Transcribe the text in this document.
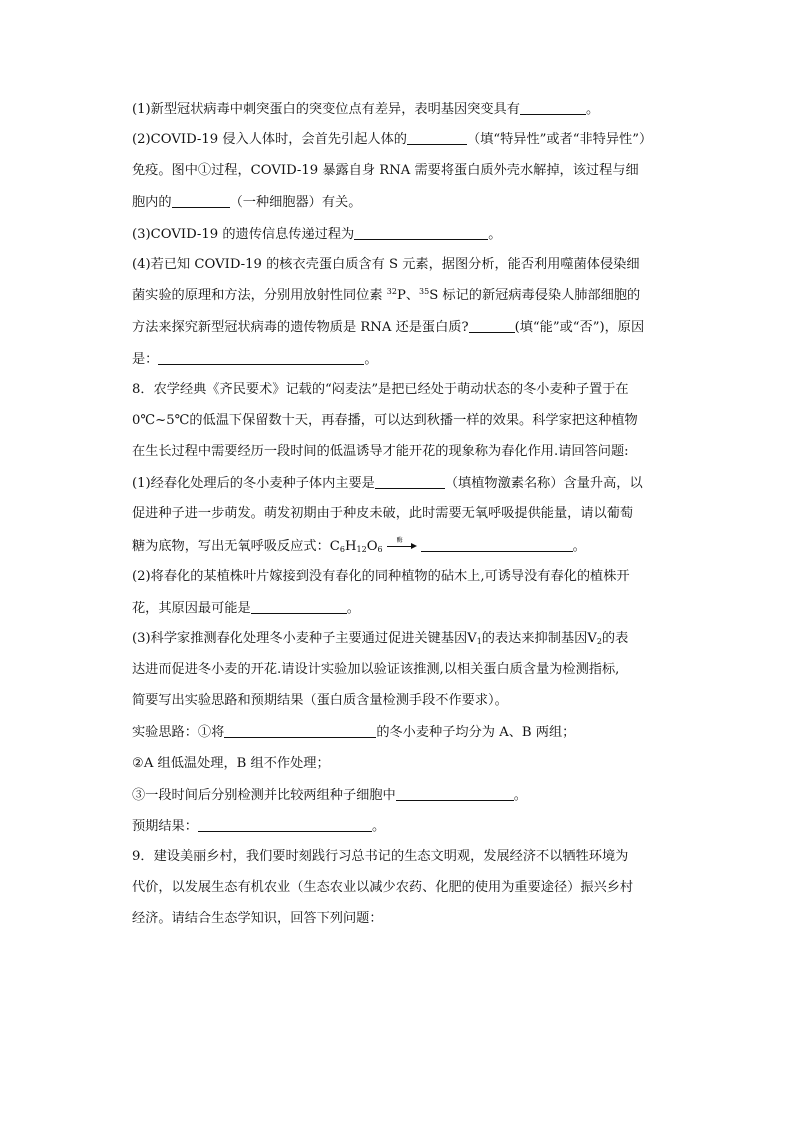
(1)新型冠状病毒中刺突蛋白的突变位点有差异，表明基因突变具有	。
(2)COVID-19 侵入人体时，会首先引起人体的	（填“特异性”或者“非特异性”）
免疫。图中①过程，COVID-19 暴露自身 RNA 需要将蛋白质外壳水解掉，该过程与细
胞内的	（一种细胞器）有关。
(3)COVID-19 的遗传信息传递过程为	。
(4)若已知 COVID-19 的核衣壳蛋白质含有 S 元素，据图分析，能否利用噬菌体侵染细
菌实验的原理和方法，分别用放射性同位素 $^{32}$P、$^{35}$S 标记的新冠病毒侵染人肺部细胞的
方法来探究新型冠状病毒的遗传物质是 RNA 还是蛋白质?	(填“能”或“否”)，原因
是：	。
8．农学经典《齐民要术》记载的“闷麦法”是把已经处于萌动状态的冬小麦种子置于在
0℃~5℃的低温下保留数十天，再春播，可以达到秋播一样的效果。科学家把这种植物
在生长过程中需要经历一段时间的低温诱导才能开花的现象称为春化作用.请回答问题:
(1)经春化处理后的冬小麦种子体内主要是	（填植物激素名称）含量升高，以
促进种子进一步萌发。萌发初期由于种皮未破，此时需要无氧呼吸提供能量，请以葡萄
糖为底物，写出无氧呼吸反应式：$C_6H_{12}O_6$
酶	。
(2)将春化的某植株叶片嫁接到没有春化的同种植物的砧木上,可诱导没有春化的植株开
花，其原因最可能是	。
(3)科学家推测春化处理冬小麦种子主要通过促进关键基因$V_1$的表达来抑制基因$V_2$的表
达进而促进冬小麦的开花.请设计实验加以验证该推测,以相关蛋白质含量为检测指标,
简要写出实验思路和预期结果（蛋白质含量检测手段不作要求）。
实验思路：①将	的冬小麦种子均分为 A、B 两组；
②A 组低温处理，B 组不作处理；
③一段时间后分别检测并比较两组种子细胞中	。
预期结果：	。
9．建设美丽乡村，我们要时刻践行习总书记的生态文明观，发展经济不以牺牲环境为
代价，以发展生态有机农业（生态农业以减少农药、化肥的使用为重要途径）振兴乡村
经济。请结合生态学知识，回答下列问题：
